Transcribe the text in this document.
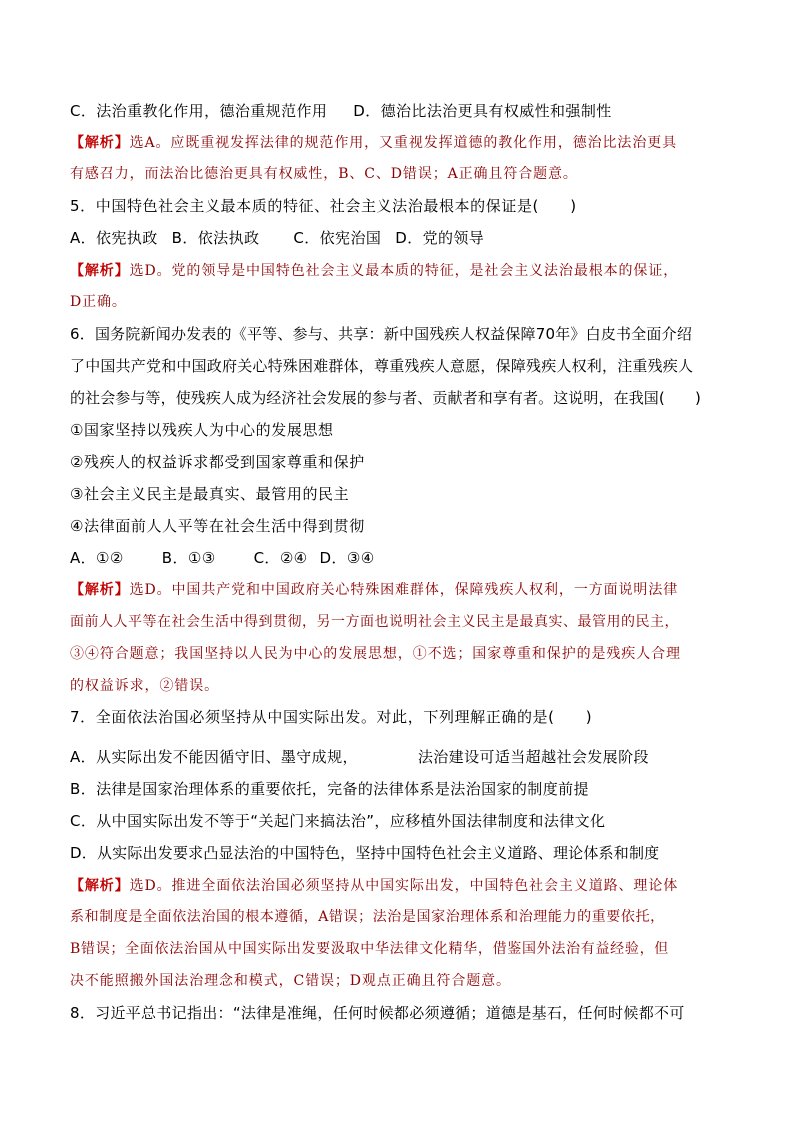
C．法治重教化作用，德治重规范作用 D．德治比法治更具有权威性和强制性
【解析】选A。应既重视发挥法律的规范作用，又重视发挥道德的教化作用，德治比法治更具
有感召力，而法治比德治更具有权威性，B、C、D错误；A正确且符合题意。
5．中国特色社会主义最本质的特征、社会主义法治最根本的保证是(　　)
A．依宪执政 B．依法执政 C．依宪治国 D．党的领导
【解析】选D。党的领导是中国特色社会主义最本质的特征，是社会主义法治最根本的保证，
D正确。
6．国务院新闻办发表的《平等、参与、共享：新中国残疾人权益保障70年》白皮书全面介绍
了中国共产党和中国政府关心特殊困难群体，尊重残疾人意愿，保障残疾人权利，注重残疾人
的社会参与等，使残疾人成为经济社会发展的参与者、贡献者和享有者。这说明，在我国(　　)
①国家坚持以残疾人为中心的发展思想
②残疾人的权益诉求都受到国家尊重和保护
③社会主义民主是最真实、最管用的民主
④法律面前人人平等在社会生活中得到贯彻
A．①②	B．①③	C．②④ D．③④
【解析】选D。中国共产党和中国政府关心特殊困难群体，保障残疾人权利，一方面说明法律
面前人人平等在社会生活中得到贯彻，另一方面也说明社会主义民主是最真实、最管用的民主，
③④符合题意；我国坚持以人民为中心的发展思想，①不选；国家尊重和保护的是残疾人合理
的权益诉求，②错误。
7．全面依法治国必须坚持从中国实际出发。对此，下列理解正确的是(　　)
A．从实际出发不能因循守旧、墨守成规，	法治建设可适当超越社会发展阶段
B．法律是国家治理体系的重要依托，完备的法律体系是法治国家的制度前提
C．从中国实际出发不等于“关起门来搞法治”，应移植外国法律制度和法律文化
D．从实际出发要求凸显法治的中国特色，坚持中国特色社会主义道路、理论体系和制度
【解析】选D。推进全面依法治国必须坚持从中国实际出发，中国特色社会主义道路、理论体
系和制度是全面依法治国的根本遵循，A错误；法治是国家治理体系和治理能力的重要依托，
B错误；全面依法治国从中国实际出发要汲取中华法律文化精华，借鉴国外法治有益经验，但
决不能照搬外国法治理念和模式，C错误；D观点正确且符合题意。
8．习近平总书记指出：“法律是准绳，任何时候都必须遵循；道德是基石，任何时候都不可
